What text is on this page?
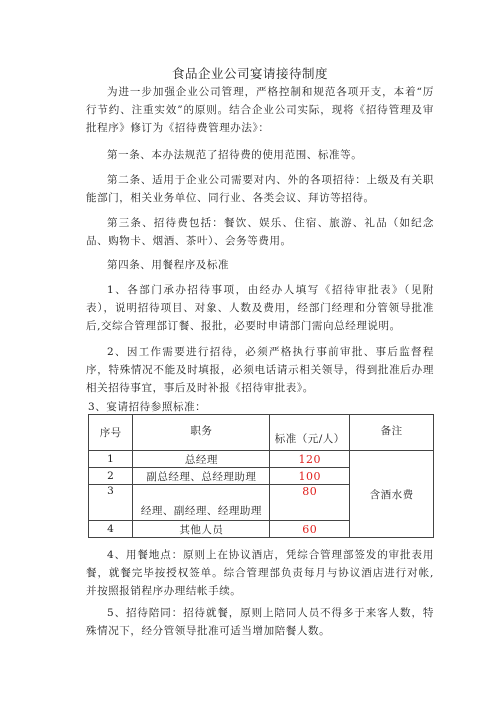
食品企业公司宴请接待制度

为进一步加强企业公司管理，严格控制和规范各项开支，本着“厉行节约、注重实效”的原则。结合企业公司实际，现将《招待管理及审批程序》修订为《招待费管理办法》：

第一条、本办法规范了招待费的使用范围、标准等。

第二条、适用于企业公司需要对内、外的各项招待：上级及有关职能部门，相关业务单位、同行业、各类会议、拜访等招待。

第三条、招待费包括：餐饮、娱乐、住宿、旅游、礼品（如纪念品、购物卡、烟酒、茶叶）、会务等费用。

第四条、用餐程序及标准

1、各部门承办招待事项，由经办人填写《招待审批表》（见附表），说明招待项目、对象、人数及费用，经部门经理和分管领导批准后,交综合管理部订餐、报批，必要时申请部门需向总经理说明。

2、因工作需要进行招待，必须严格执行事前审批、事后监督程序，特殊情况不能及时填报，必须电话请示相关领导，得到批准后办理相关招待事宜，事后及时补报《招待审批表》。

3、宴请招待参照标准：

序号	职务	标准（元/人）	备注

1	总经理	120	含酒水费
2	副总经理、总经理助理	100	
3	经理、副经理、经理助理	80	
4	其他人员	60	

4、用餐地点：原则上在协议酒店，凭综合管理部签发的审批表用餐，就餐完毕按授权签单。综合管理部负责每月与协议酒店进行对帐,并按照报销程序办理结帐手续。

5、招待陪同：招待就餐，原则上陪同人员不得多于来客人数，特殊情况下，经分管领导批准可适当增加陪餐人数。
